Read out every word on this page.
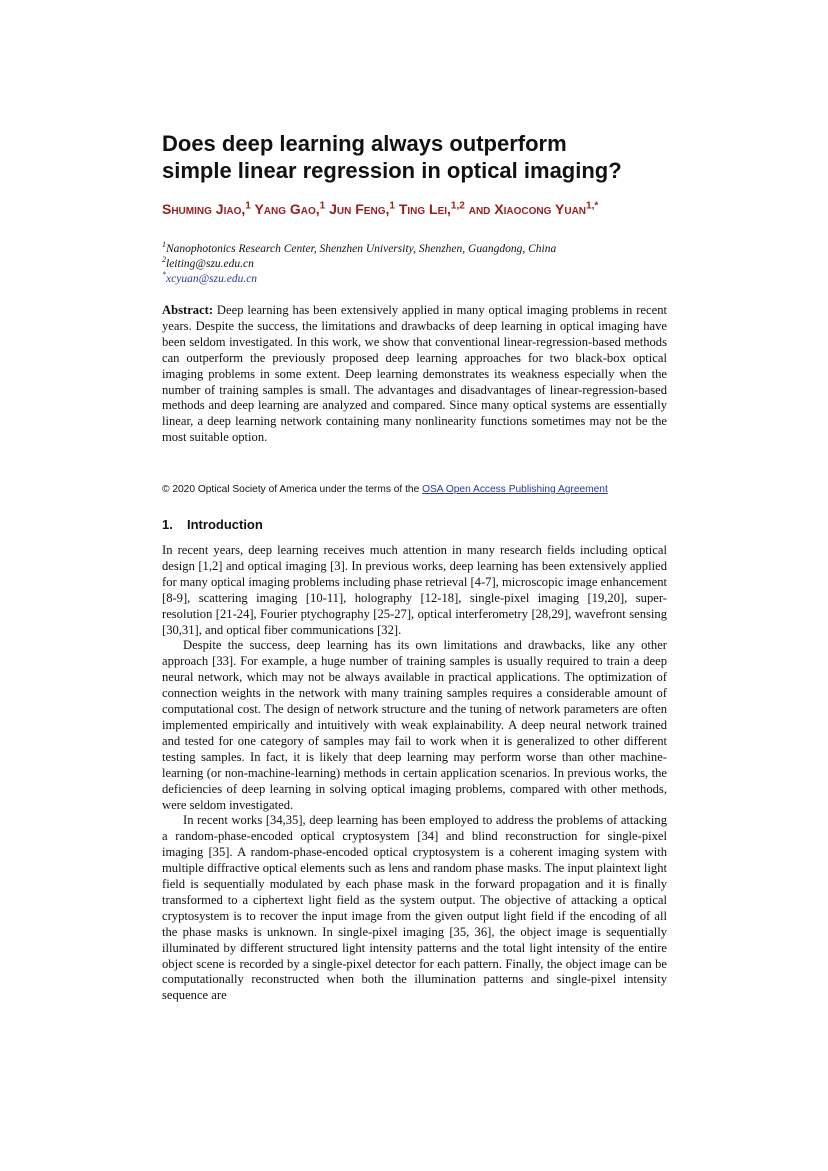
Does deep learning always outperform
simple linear regression in optical imaging?
Shuming Jiao,$^1$ Yang Gao,$^1$ Jun Feng,$^1$ Ting Lei,$^{1,2}$ and Xiaocong Yuan$^{1,*}$
$^1$Nanophotonics Research Center, Shenzhen University, Shenzhen, Guangdong, China
$^2$leiting@szu.edu.cn
*xcyuan@szu.edu.cn
Abstract: Deep learning has been extensively applied in many optical imaging problems in recent years. Despite the success, the limitations and drawbacks of deep learning in optical imaging have been seldom investigated. In this work, we show that conventional linear-regression-based methods can outperform the previously proposed deep learning approaches for two black-box optical imaging problems in some extent. Deep learning demonstrates its weakness especially when the number of training samples is small. The advantages and disadvantages of linear-regression-based methods and deep learning are analyzed and compared. Since many optical systems are essentially linear, a deep learning network containing many nonlinearity functions sometimes may not be the most suitable option.
© 2020 Optical Society of America under the terms of the OSA Open Access Publishing Agreement
1. Introduction

In recent years, deep learning receives much attention in many research fields including optical design [1,2] and optical imaging [3]. In previous works, deep learning has been extensively applied for many optical imaging problems including phase retrieval [4-7], microscopic image enhancement [8-9], scattering imaging [10-11], holography [12-18], single-pixel imaging [19,20], super-resolution [21-24], Fourier ptychography [25-27], optical interferometry [28,29], wavefront sensing [30,31], and optical fiber communications [32].

Despite the success, deep learning has its own limitations and drawbacks, like any other approach [33]. For example, a huge number of training samples is usually required to train a deep neural network, which may not be always available in practical applications. The optimization of connection weights in the network with many training samples requires a considerable amount of computational cost. The design of network structure and the tuning of network parameters are often implemented empirically and intuitively with weak explainability. A deep neural network trained and tested for one category of samples may fail to work when it is generalized to other different testing samples. In fact, it is likely that deep learning may perform worse than other machine-learning (or non-machine-learning) methods in certain application scenarios. In previous works, the deficiencies of deep learning in solving optical imaging problems, compared with other methods, were seldom investigated.

In recent works [34,35], deep learning has been employed to address the problems of attacking a random-phase-encoded optical cryptosystem [34] and blind reconstruction for single-pixel imaging [35]. A random-phase-encoded optical cryptosystem is a coherent imaging system with multiple diffractive optical elements such as lens and random phase masks. The input plaintext light field is sequentially modulated by each phase mask in the forward propagation and it is finally transformed to a ciphertext light field as the system output. The objective of attacking a optical cryptosystem is to recover the input image from the given output light field if the encoding of all the phase masks is unknown. In single-pixel imaging [35, 36], the object image is sequentially illuminated by different structured light intensity patterns and the total light intensity of the entire object scene is recorded by a single-pixel detector for each pattern. Finally, the object image can be computationally reconstructed when both the illumination patterns and single-pixel intensity sequence are
